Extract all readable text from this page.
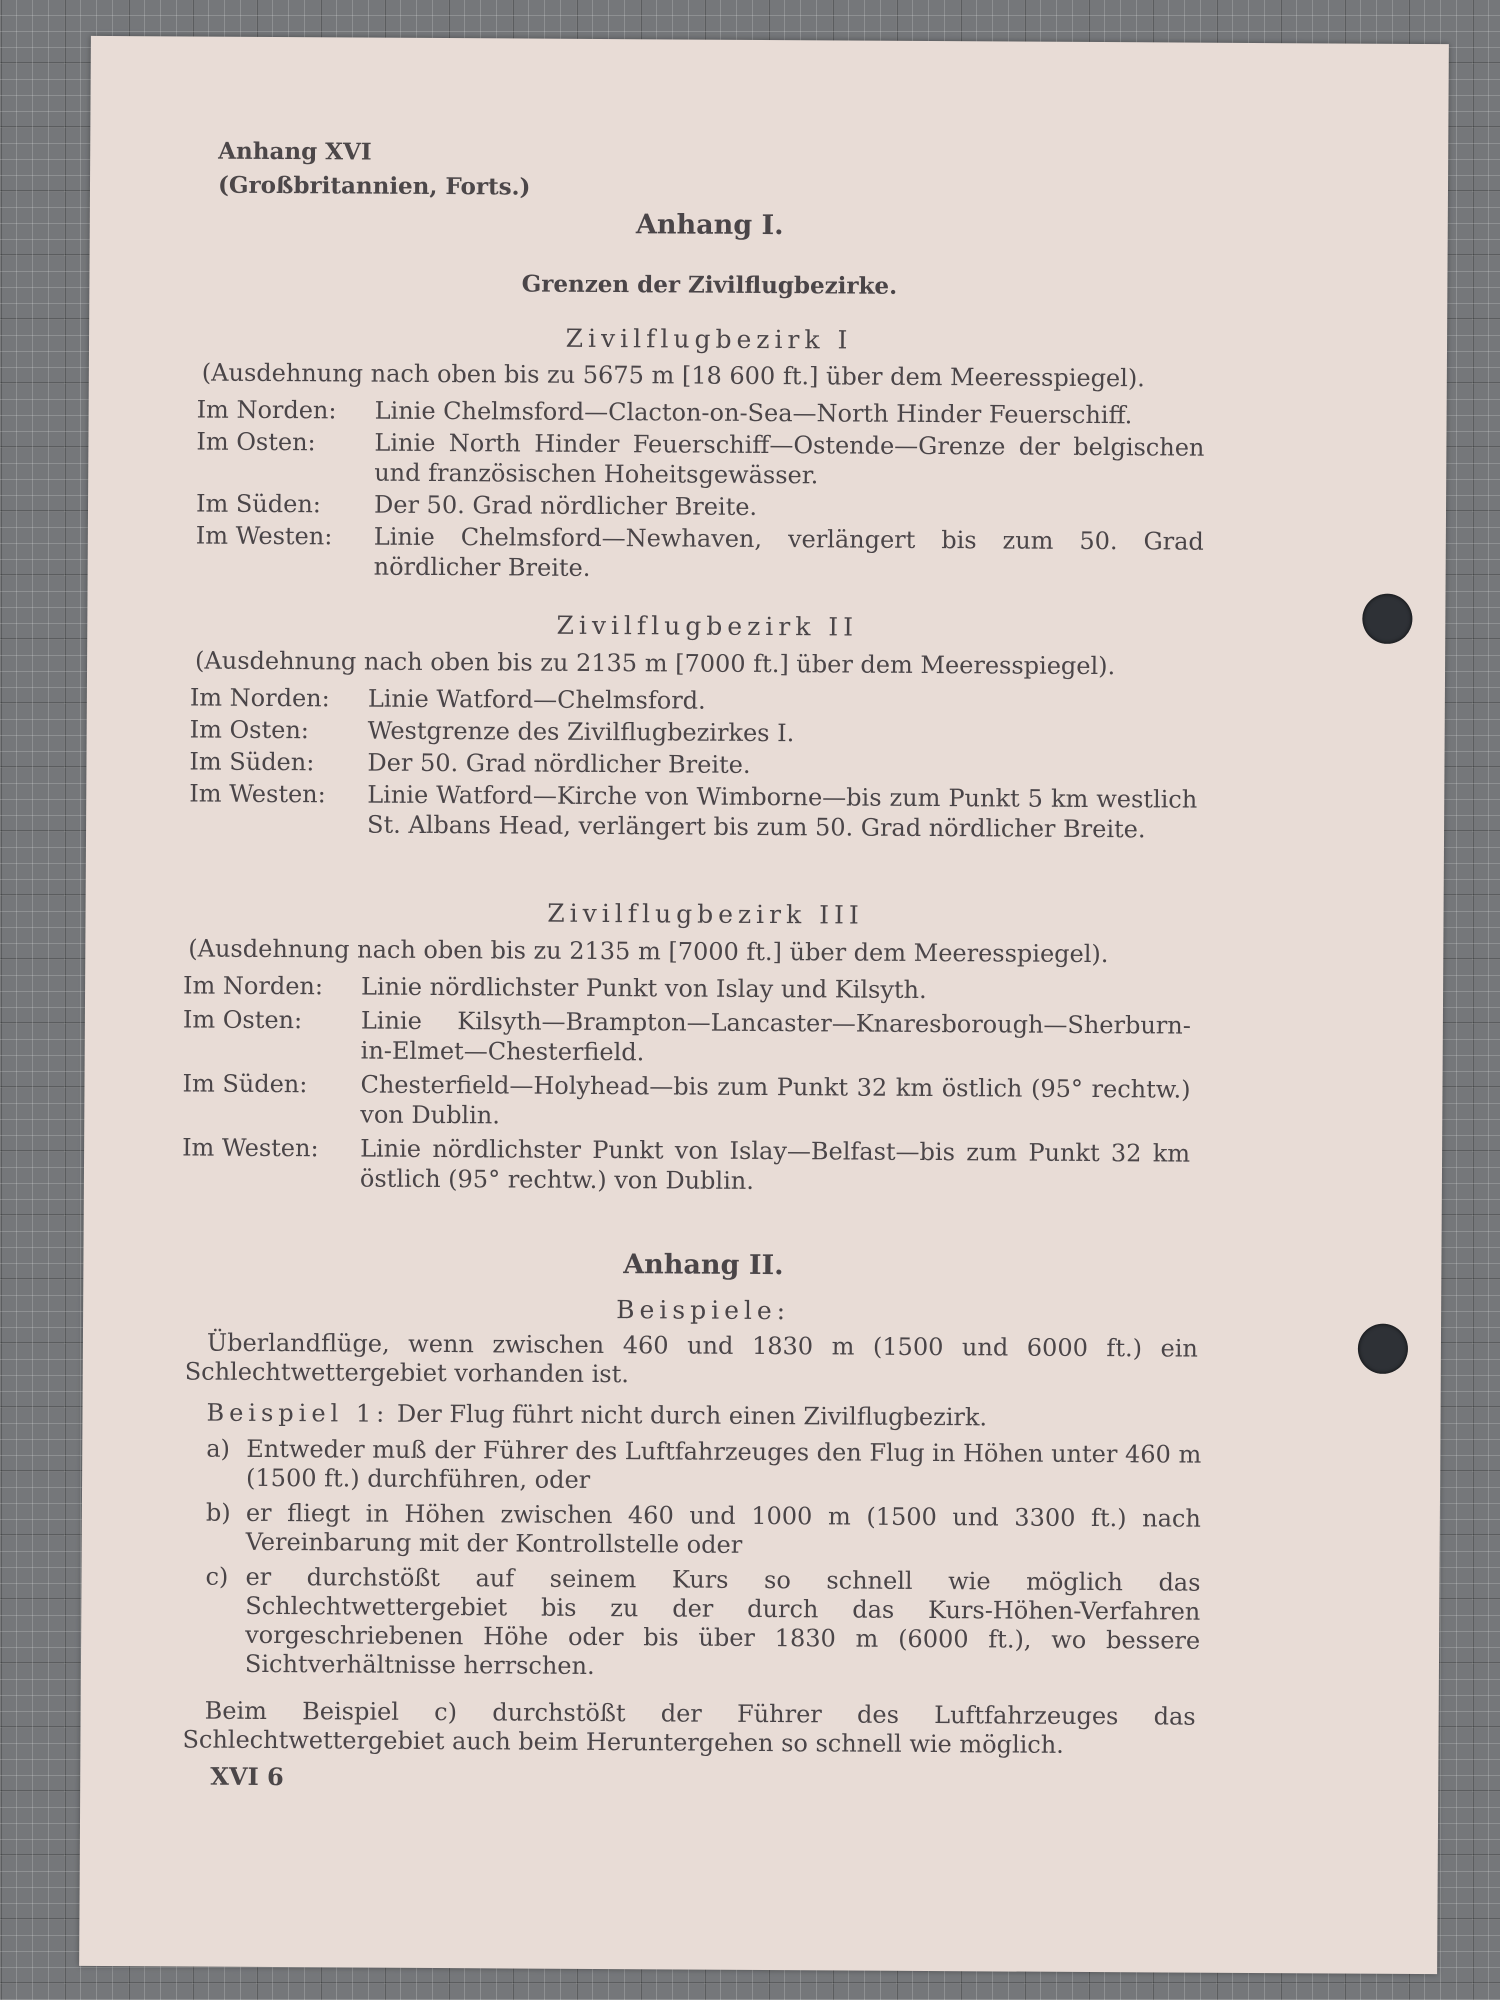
Anhang XVI
(Großbritannien, Forts.)
Anhang I.
Grenzen der Zivilflugbezirke.
Zivilflugbezirk I
(Ausdehnung nach oben bis zu 5675 m [18 600 ft.] über dem Meeresspiegel).
Im Norden: Linie Chelmsford—Clacton-on-Sea—North Hinder Feuerschiff.
Im Osten: Linie North Hinder Feuerschiff—Ostende—Grenze der belgischen und französischen Hoheitsgewässer.
Im Süden: Der 50. Grad nördlicher Breite.
Im Westen: Linie Chelmsford—Newhaven, verlängert bis zum 50. Grad nördlicher Breite.
Zivilflugbezirk II
(Ausdehnung nach oben bis zu 2135 m [7000 ft.] über dem Meeresspiegel).
Im Norden: Linie Watford—Chelmsford.
Im Osten: Westgrenze des Zivilflugbezirkes I.
Im Süden: Der 50. Grad nördlicher Breite.
Im Westen: Linie Watford—Kirche von Wimborne—bis zum Punkt 5 km westlich St. Albans Head, verlängert bis zum 50. Grad nördlicher Breite.
Zivilflugbezirk III
(Ausdehnung nach oben bis zu 2135 m [7000 ft.] über dem Meeresspiegel).
Im Norden: Linie nördlichster Punkt von Islay und Kilsyth.
Im Osten: Linie Kilsyth—Brampton—Lancaster—Knaresborough—Sherburn-in-Elmet—Chesterfield.
Im Süden: Chesterfield—Holyhead—bis zum Punkt 32 km östlich (95° rechtw.) von Dublin.
Im Westen: Linie nördlichster Punkt von Islay—Belfast—bis zum Punkt 32 km östlich (95° rechtw.) von Dublin.
Anhang II.
Beispiele:
Überlandflüge, wenn zwischen 460 und 1830 m (1500 und 6000 ft.) ein Schlechtwettergebiet vorhanden ist.
Beispiel 1: Der Flug führt nicht durch einen Zivilflugbezirk.
a) Entweder muß der Führer des Luftfahrzeuges den Flug in Höhen unter 460 m (1500 ft.) durchführen, oder
b) er fliegt in Höhen zwischen 460 und 1000 m (1500 und 3300 ft.) nach Vereinbarung mit der Kontrollstelle oder
c) er durchstößt auf seinem Kurs so schnell wie möglich das Schlechtwettergebiet bis zu der durch das Kurs-Höhen-Verfahren vorgeschriebenen Höhe oder bis über 1830 m (6000 ft.), wo bessere Sichtverhältnisse herrschen.
Beim Beispiel c) durchstößt der Führer des Luftfahrzeuges das Schlechtwettergebiet auch beim Heruntergehen so schnell wie möglich.
XVI 6
